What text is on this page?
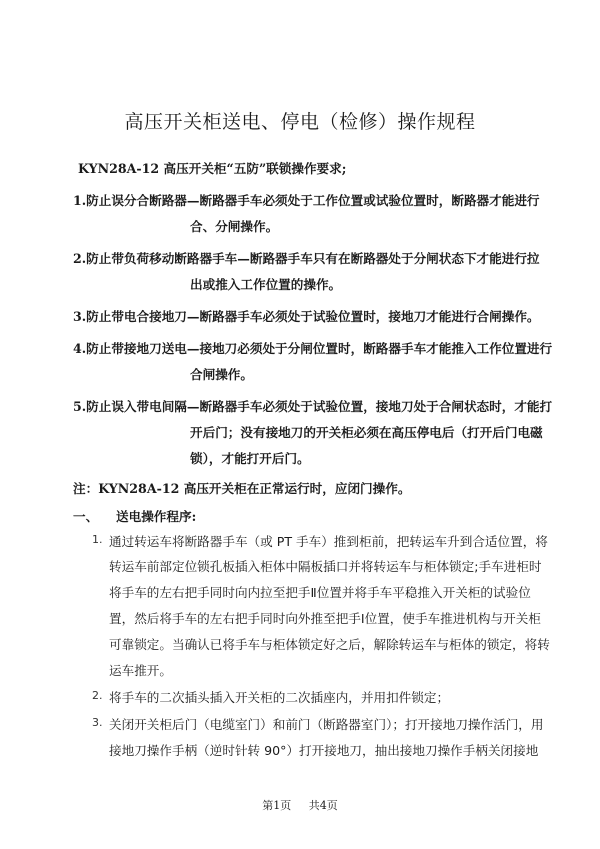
高压开关柜送电、停电（检修）操作规程

KYN28A-12 高压开关柜“五防”联锁操作要求;

1.防止误分合断路器—断路器手车必须处于工作位置或试验位置时，断路器才能进行

合、分闸操作。

2.防止带负荷移动断路器手车—断路器手车只有在断路器处于分闸状态下才能进行拉

出或推入工作位置的操作。

3.防止带电合接地刀—断路器手车必须处于试验位置时，接地刀才能进行合闸操作。

4.防止带接地刀送电—接地刀必须处于分闸位置时，断路器手车才能推入工作位置进行

合闸操作。

5.防止误入带电间隔—断路器手车必须处于试验位置，接地刀处于合闸状态时，才能打

开后门；没有接地刀的开关柜必须在高压停电后（打开后门电磁

锁），才能打开后门。

注：KYN28A-12 高压开关柜在正常运行时，应闭门操作。

一、 送电操作程序:

1. 通过转运车将断路器手车（或 PT 手车）推到柜前，把转运车升到合适位置，将

转运车前部定位锁孔板插入柜体中隔板插口并将转运车与柜体锁定;手车进柜时

将手车的左右把手同时向内拉至把手Ⅱ位置并将手车平稳推入开关柜的试验位

置，然后将手车的左右把手同时向外推至把手Ⅰ位置，使手车推进机构与开关柜

可靠锁定。当确认已将手车与柜体锁定好之后，解除转运车与柜体的锁定，将转

运车推开。

2. 将手车的二次插头插入开关柜的二次插座内，并用扣件锁定；

3. 关闭开关柜后门（电缆室门）和前门（断路器室门）；打开接地刀操作活门，用

接地刀操作手柄（逆时针转 90°）打开接地刀，抽出接地刀操作手柄关闭接地

第1页 共4页
